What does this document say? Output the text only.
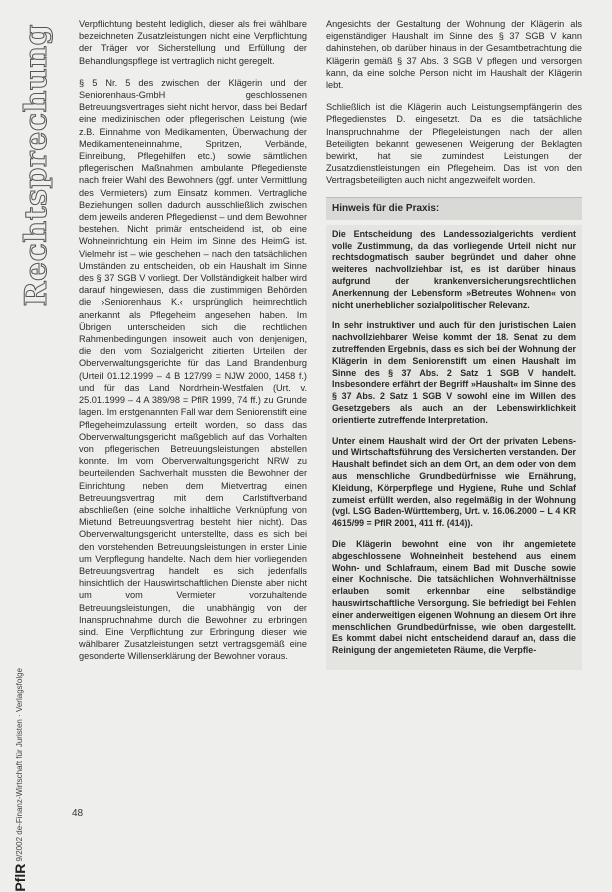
Rechtsprechung
PflR 9/2002 de-Finanz-Wirtschaft für Juristen · Verlagsfolge	48

Verpflichtung besteht lediglich, dieser als frei wählbare bezeichneten Zusatzleistungen nicht eine Verpflichtung der Träger vor Sicherstellung und Erfüllung der Behandlungspflege ist vertraglich nicht geregelt.

§ 5 Nr. 5 des zwischen der Klägerin und der Seniorenhaus-GmbH geschlossenen Betreuungsvertrages sieht nicht hervor, dass bei Bedarf eine medizinischen oder pflegerischen Leistung (wie z.B. Einnahme von Medikamenten, Überwachung der Medikamenteneinnahme, Spritzen, Verbände, Einreibung, Pflegehilfen etc.) sowie sämtlichen pflegerischen Maßnahmen ambulante Pflegedienste nach freier Wahl des Bewohners (ggf. unter Vermittlung des Vermieters) zum Einsatz kommen. Vertragliche Beziehungen sollen dadurch ausschließlich zwischen dem jeweils anderen Pflegedienst – und dem Bewohner bestehen. Nicht primär entscheidend ist, ob eine Wohneinrichtung ein Heim im Sinne des HeimG ist. Vielmehr ist – wie geschehen – nach den tatsächlichen Umständen zu entscheiden, ob ein Haushalt im Sinne des § 37 SGB V vorliegt. Der Vollständigkeit halber wird darauf hingewiesen, dass die zustimmigen Behörden die ›Seniorenhaus K.‹ ursprünglich heimrechtlich anerkannt als Pflegeheim angesehen haben. Im Übrigen unterscheiden sich die rechtlichen Rahmenbedingungen insoweit auch von denjenigen, die den vom Sozialgericht zitierten Urteilen der Oberverwaltungsgerichte für das Land Brandenburg (Urteil 01.12.1999 – 4 B 127/99 = NJW 2000, 1458 f.) und für das Land Nordrhein-Westfalen (Urt. v. 25.01.1999 – 4 A 389/98 = PflR 1999, 74 ff.) zu Grunde lagen. Im erstgenannten Fall war dem Seniorenstift eine Pflegeheimzulassung erteilt worden, so dass das Oberverwaltungsgericht maßgeblich auf das Vorhalten von pflegerischen Betreuungsleistungen abstellen konnte. Im vom Oberverwaltungsgericht NRW zu beurteilenden Sachverhalt mussten die Bewohner der Einrichtung neben dem Mietvertrag einen Betreuungsvertrag mit dem Carlstiftverband abschließen (eine solche inhaltliche Verknüpfung von Mietund Betreuungsvertrag besteht hier nicht). Das Oberverwaltungsgericht unterstellte, dass es sich bei den vorstehenden Betreuungsleistungen in erster Linie um Verpflegung handelte. Nach dem hier vorliegenden Betreuungsvertrag handelt es sich jedenfalls hinsichtlich der Hauswirtschaftlichen Dienste aber nicht um vom Vermieter vorzuhaltende Betreuungsleistungen, die unabhängig von der Inanspruchnahme durch die Bewohner zu erbringen sind. Eine Verpflichtung zur Erbringung dieser wie wählbarer Zusatzleistungen setzt vertragsgemäß eine gesonderte Willenserklärung der Bewohner voraus.

Angesichts der Gestaltung der Wohnung der Klägerin als eigenständiger Haushalt im Sinne des § 37 SGB V kann dahinstehen, ob darüber hinaus in der Gesamtbetrachtung die Klägerin gemäß § 37 Abs. 3 SGB V pflegen und versorgen kann, da eine solche Person nicht im Haushalt der Klägerin lebt.

Schließlich ist die Klägerin auch Leistungsempfängerin des Pflegedienstes D. eingesetzt. Da es die tatsächliche Inanspruchnahme der Pflegeleistungen nach der allen Beteiligten bekannt gewesenen Weigerung der Beklagten bewirkt, hat sie zumindest Leistungen der Zusatzdienstleistungen ein Pflegeheim. Das ist von den Vertragsbeteiligten auch nicht angezweifelt worden.

Hinweis für die Praxis:

Die Entscheidung des Landessozialgerichts verdient volle Zustimmung, da das vorliegende Urteil nicht nur rechtsdogmatisch sauber begründet und daher ohne weiteres nachvollziehbar ist, es ist darüber hinaus aufgrund der krankenversicherungsrechtlichen Anerkennung der Lebensform »Betreutes Wohnen« von nicht unerheblicher sozialpolitischer Relevanz.

In sehr instruktiver und auch für den juristischen Laien nachvollziehbarer Weise kommt der 18. Senat zu dem zutreffenden Ergebnis, dass es sich bei der Wohnung der Klägerin in dem Seniorenstift um einen Haushalt im Sinne des § 37 Abs. 2 Satz 1 SGB V handelt. Insbesondere erfährt der Begriff »Haushalt« im Sinne des § 37 Abs. 2 Satz 1 SGB V sowohl eine im Willen des Gesetzgebers als auch an der Lebenswirklichkeit orientierte zutreffende Interpretation.

Unter einem Haushalt wird der Ort der privaten Lebens- und Wirtschaftsführung des Versicherten verstanden. Der Haushalt befindet sich an dem Ort, an dem oder von dem aus menschliche Grundbedürfnisse wie Ernährung, Kleidung, Körperpflege und Hygiene, Ruhe und Schlaf zumeist erfüllt werden, also regelmäßig in der Wohnung (vgl. LSG Baden-Württemberg, Urt. v. 16.06.2000 – L 4 KR 4615/99 = PflR 2001, 411 ff. (414)).

Die Klägerin bewohnt eine von ihr angemietete abgeschlossene Wohneinheit bestehend aus einem Wohn- und Schlafraum, einem Bad mit Dusche sowie einer Kochnische. Die tatsächlichen Wohnverhältnisse erlauben somit erkennbar eine selbständige hauswirtschaftliche Versorgung. Sie befriedigt bei Fehlen einer anderweitigen eigenen Wohnung an diesem Ort ihre menschlichen Grundbedürfnisse, wie oben dargestellt. Es kommt dabei nicht entscheidend darauf an, dass die Reinigung der angemieteten Räume, die Verpfle-
